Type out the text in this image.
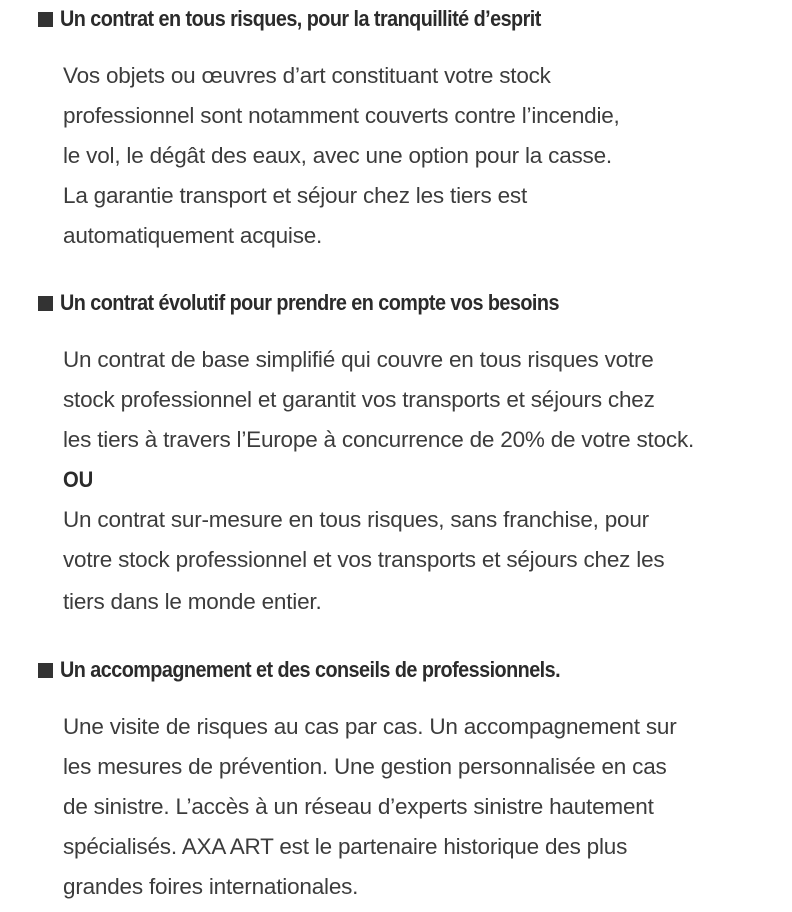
Un contrat en tous risques, pour la tranquillité d’esprit
Vos objets ou œuvres d’art constituant votre stock
professionnel sont notamment couverts contre l’incendie,
le vol, le dégât des eaux, avec une option pour la casse.
La garantie transport et séjour chez les tiers est
automatiquement acquise.
Un contrat évolutif pour prendre en compte vos besoins
Un contrat de base simplifié qui couvre en tous risques votre
stock professionnel et garantit vos transports et séjours chez
les tiers à travers l’Europe à concurrence de 20% de votre stock.
OU
Un contrat sur-mesure en tous risques, sans franchise, pour
votre stock professionnel et vos transports et séjours chez les
tiers dans le monde entier.
Un accompagnement et des conseils de professionnels.
Une visite de risques au cas par cas. Un accompagnement sur
les mesures de prévention. Une gestion personnalisée en cas
de sinistre. L’accès à un réseau d’experts sinistre hautement
spécialisés. AXA ART est le partenaire historique des plus
grandes foires internationales.
